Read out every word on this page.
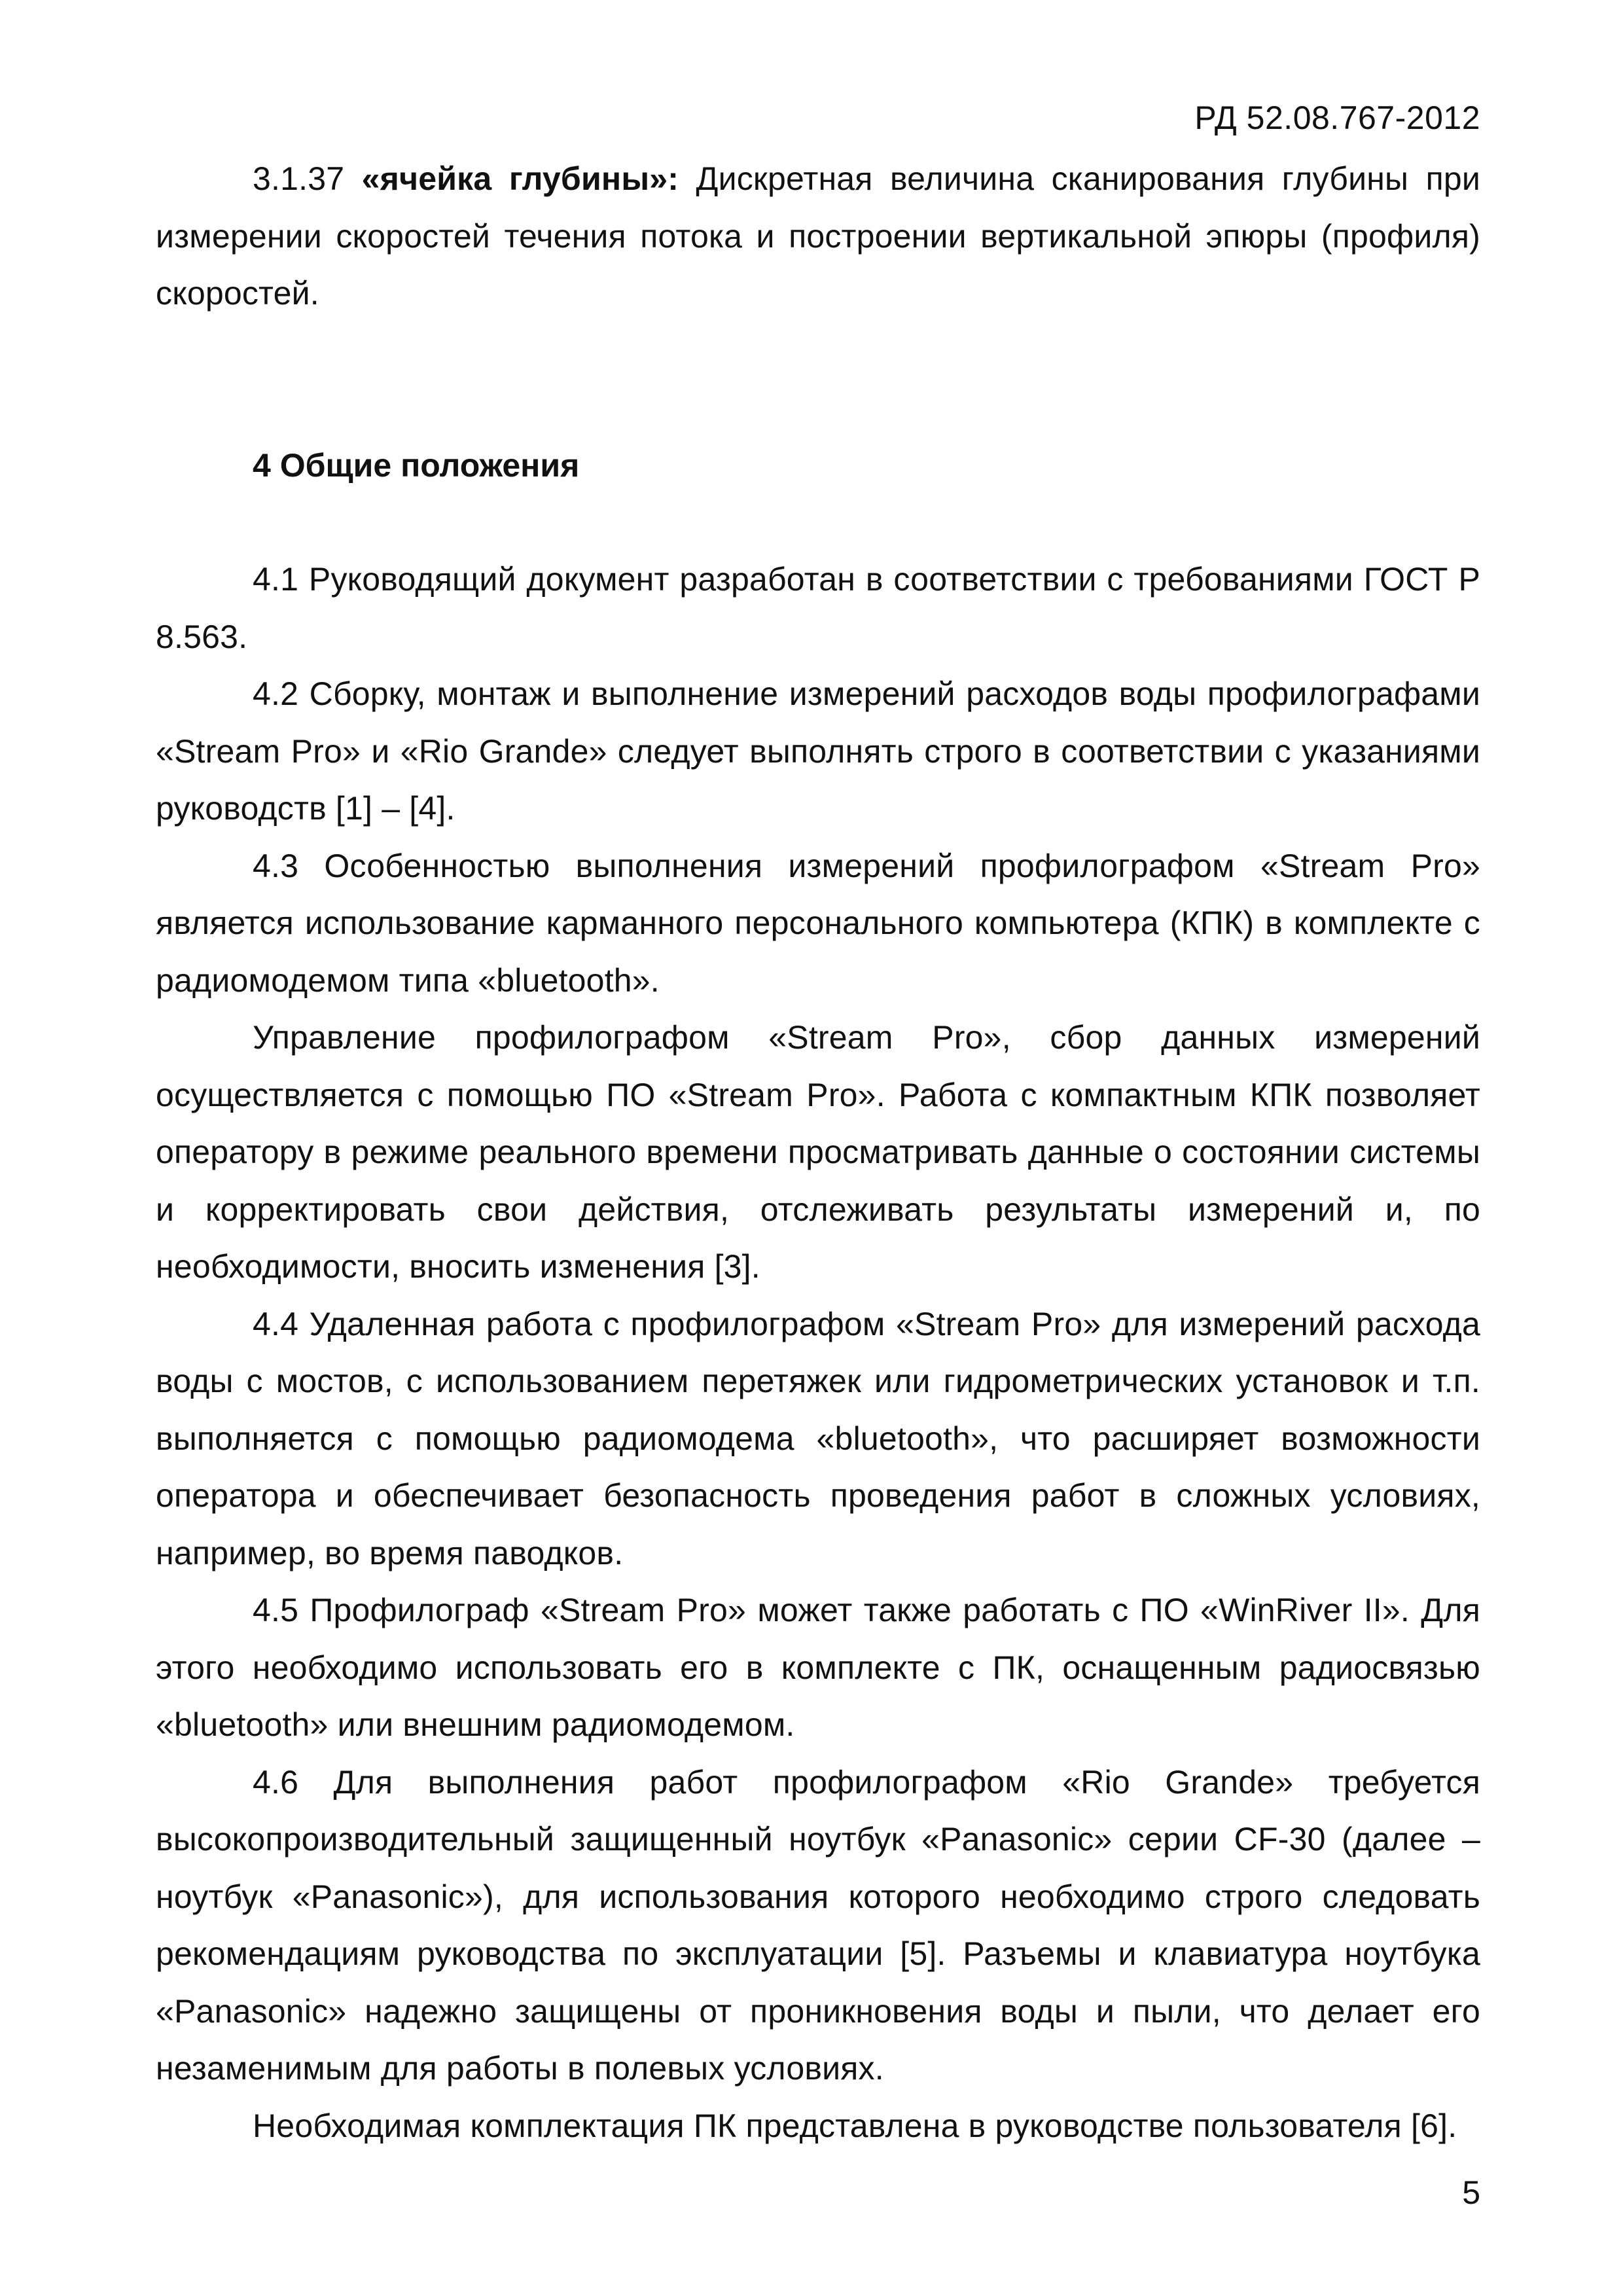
РД 52.08.767-2012

3.1.37 «ячейка глубины»: Дискретная величина сканирования глубины при измерении скоростей течения потока и построении вертикальной эпюры (профиля) скоростей.

4 Общие положения

4.1 Руководящий документ разработан в соответствии с требованиями ГОСТ Р 8.563.

4.2 Сборку, монтаж и выполнение измерений расходов воды профилографами «Stream Pro» и «Rio Grande» следует выполнять строго в соответствии с указаниями руководств [1] – [4].

4.3 Особенностью выполнения измерений профилографом «Stream Pro» является использование карманного персонального компьютера (КПК) в комплекте с радиомодемом типа «bluetooth».

Управление профилографом «Stream Pro», сбор данных измерений осуществляется с помощью ПО «Stream Pro». Работа с компактным КПК позволяет оператору в режиме реального времени просматривать данные о состоянии системы и корректировать свои действия, отслеживать результаты измерений и, по необходимости, вносить изменения [3].

4.4 Удаленная работа с профилографом «Stream Pro» для измерений расхода воды с мостов, с использованием перетяжек или гидрометрических установок и т.п. выполняется с помощью радиомодема «bluetooth», что расширяет возможности оператора и обеспечивает безопасность проведения работ в сложных условиях, например, во время паводков.

4.5 Профилограф «Stream Pro» может также работать с ПО «WinRiver II». Для этого необходимо использовать его в комплекте с ПК, оснащенным радиосвязью «bluetooth» или внешним радиомодемом.

4.6 Для выполнения работ профилографом «Rio Grande» требуется высокопроизводительный защищенный ноутбук «Panasonic» серии CF-30 (далее – ноутбук «Panasonic»), для использования которого необходимо строго следовать рекомендациям руководства по эксплуатации [5]. Разъемы и клавиатура ноутбука «Panasonic» надежно защищены от проникновения воды и пыли, что делает его незаменимым для работы в полевых условиях.

Необходимая комплектация ПК представлена в руководстве пользователя [6].

5
